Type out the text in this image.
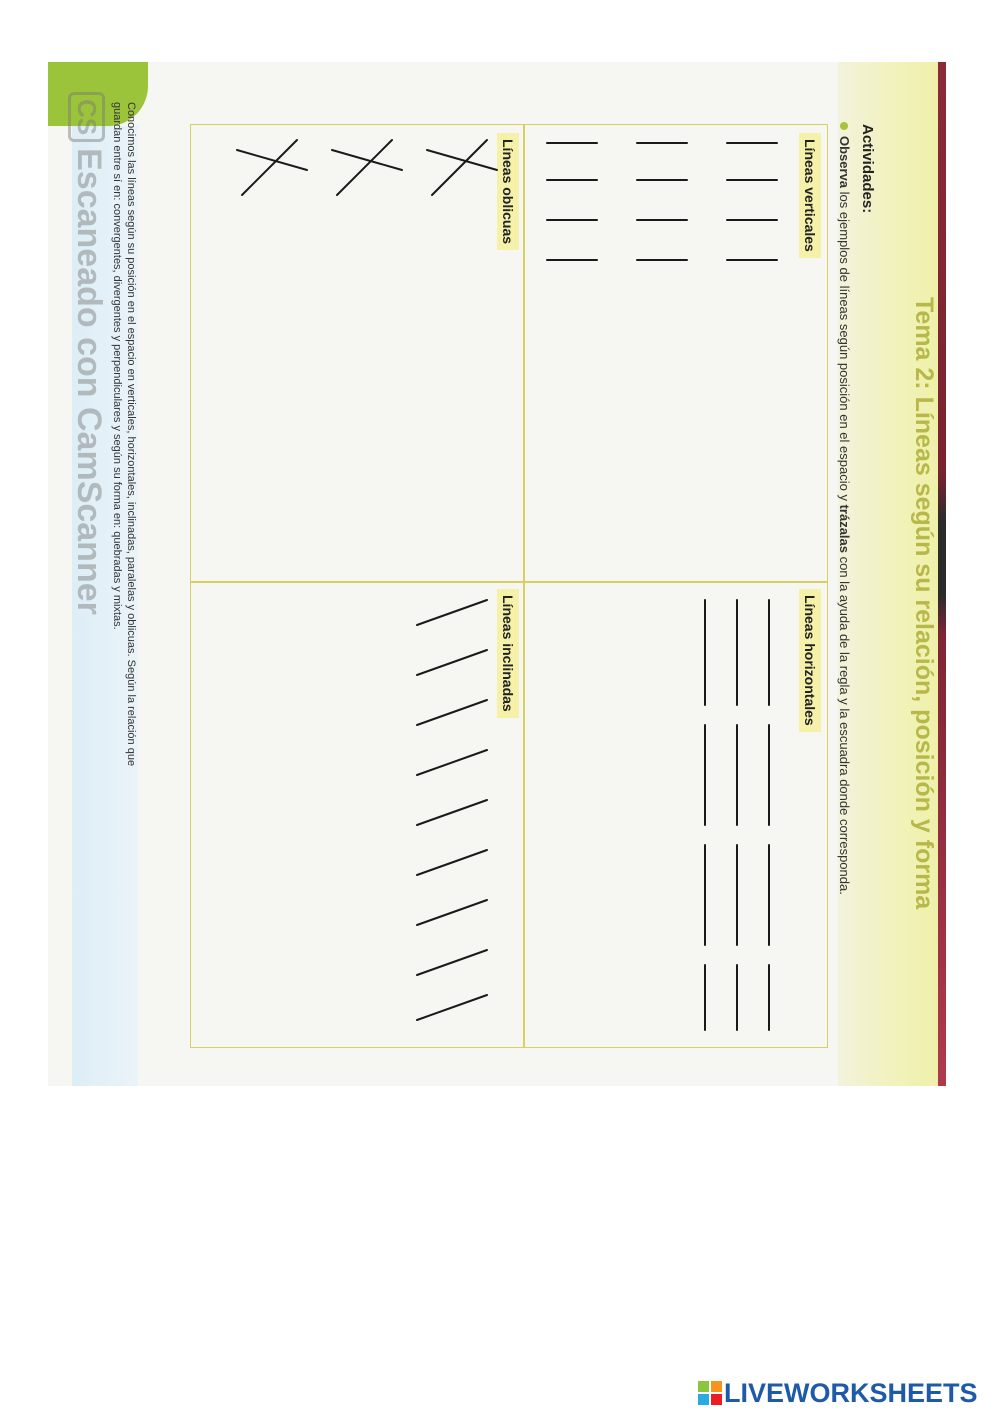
Tema 2: Líneas según su relación, posición y forma
Actividades:
Observa los ejemplos de líneas según posición en el espacio y trázalas con la ayuda de la regla y la escuadra donde corresponda.
Líneas verticales
Líneas horizontales
Líneas oblicuas
Líneas inclinadas
Conocimos las líneas según su posición en el espacio en verticales, horizontales, inclinadas, paralelas y oblicuas. Según la relación que
guardan entre sí en: convergentes, divergentes y perpendiculares y según su forma en: quebradas y mixtas.
CSEscaneado con CamScanner
LIVEWORKSHEETS
